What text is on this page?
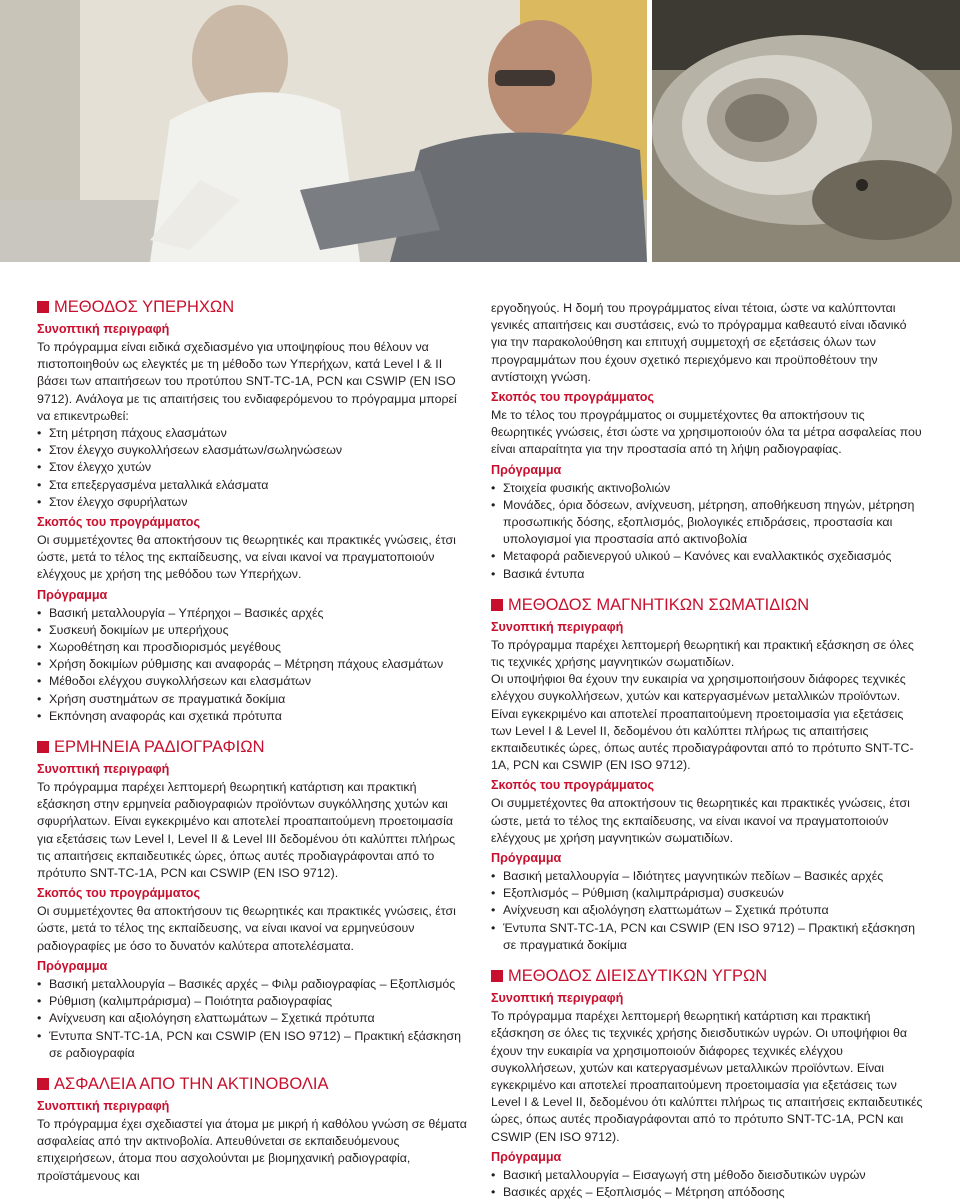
ΜΕΘΟΔΟΣ ΥΠΕΡΗΧΩΝ
Συνοπτική περιγραφή

Το πρόγραμμα είναι ειδικά σχεδιασμένο για υποψηφίους που θέλουν να πιστοποιηθούν ως ελεγκτές με τη μέθοδο των Υπερήχων, κατά Level I & II βάσει των απαιτήσεων του προτύπου SNT-TC-1A, PCN και CSWIP (EN ISO 9712). Ανάλογα με τις απαιτήσεις του ενδιαφερόμενου το πρόγραμμα μπορεί να επικεντρωθεί:

• Στη μέτρηση πάχους ελασμάτων
• Στον έλεγχο συγκολλήσεων ελασμάτων/σωληνώσεων
• Στον έλεγχο χυτών
• Στα επεξεργασμένα μεταλλικά ελάσματα
• Στον έλεγχο σφυρήλατων
Σκοπός του προγράμματος

Οι συμμετέχοντες θα αποκτήσουν τις θεωρητικές και πρακτικές γνώσεις, έτσι ώστε, μετά το τέλος της εκπαίδευσης, να είναι ικανοί να πραγματοποιούν ελέγχους με χρήση της μεθόδου των Υπερήχων.

Πρόγραμμα
• Βασική μεταλλουργία – Υπέρηχοι – Βασικές αρχές
• Συσκευή δοκιμίων με υπερήχους
• Χωροθέτηση και προσδιορισμός μεγέθους
• Χρήση δοκιμίων ρύθμισης και αναφοράς – Μέτρηση πάχους ελασμάτων
• Μέθοδοι ελέγχου συγκολλήσεων και ελασμάτων
• Χρήση συστημάτων σε πραγματικά δοκίμια
• Εκπόνηση αναφοράς και σχετικά πρότυπα
ΕΡΜΗΝΕΙΑ ΡΑΔΙΟΓΡΑΦΙΩΝ
Συνοπτική περιγραφή

Το πρόγραμμα παρέχει λεπτομερή θεωρητική κατάρτιση και πρακτική εξάσκηση στην ερμηνεία ραδιογραφιών προϊόντων συγκόλλησης χυτών και σφυρήλατων. Είναι εγκεκριμένο και αποτελεί προαπαιτούμενη προετοιμασία για εξετάσεις των Level I, Level II & Level III δεδομένου ότι καλύπτει πλήρως τις απαιτήσεις εκπαιδευτικές ώρες, όπως αυτές προδιαγράφονται από το πρότυπο SNT-TC-1A, PCN και CSWIP (EN ISO 9712).

Σκοπός του προγράμματος

Οι συμμετέχοντες θα αποκτήσουν τις θεωρητικές και πρακτικές γνώσεις, έτσι ώστε, μετά το τέλος της εκπαίδευσης, να είναι ικανοί να ερμηνεύσουν ραδιογραφίες με όσο το δυνατόν καλύτερα αποτελέσματα.

Πρόγραμμα
• Βασική μεταλλουργία – Βασικές αρχές – Φιλμ ραδιογραφίας – Εξοπλισμός
• Ρύθμιση (καλιμπράρισμα) – Ποιότητα ραδιογραφίας
• Ανίχνευση και αξιολόγηση ελαττωμάτων – Σχετικά πρότυπα
• Έντυπα SNT-TC-1A, PCN και CSWIP (EN ISO 9712) – Πρακτική εξάσκηση σε ραδιογραφία
ΑΣΦΑΛΕΙΑ ΑΠΟ ΤΗΝ ΑΚΤΙΝΟΒΟΛΙΑ
Συνοπτική περιγραφή

Το πρόγραμμα έχει σχεδιαστεί για άτομα με μικρή ή καθόλου γνώση σε θέματα ασφαλείας από την ακτινοβολία. Απευθύνεται σε εκπαιδευόμενους επιχειρήσεων, άτομα που ασχολούνται με βιομηχανική ραδιογραφία, προϊστάμενους και

εργοδηγούς. Η δομή του προγράμματος είναι τέτοια, ώστε να καλύπτονται γενικές απαιτήσεις και συστάσεις, ενώ το πρόγραμμα καθεαυτό είναι ιδανικό για την παρακολούθηση και επιτυχή συμμετοχή σε εξετάσεις όλων των προγραμμάτων που έχουν σχετικό περιεχόμενο και προϋποθέτουν την αντίστοιχη γνώση.

Σκοπός του προγράμματος

Με το τέλος του προγράμματος οι συμμετέχοντες θα αποκτήσουν τις θεωρητικές γνώσεις, έτσι ώστε να χρησιμοποιούν όλα τα μέτρα ασφαλείας που είναι απαραίτητα για την προστασία από τη λήψη ραδιογραφίας.

Πρόγραμμα
• Στοιχεία φυσικής ακτινοβολιών
• Μονάδες, όρια δόσεων, ανίχνευση, μέτρηση, αποθήκευση πηγών, μέτρηση προσωπικής δόσης, εξοπλισμός, βιολογικές επιδράσεις, προστασία και υπολογισμοί για προστασία από ακτινοβολία
• Μεταφορά ραδιενεργού υλικού – Κανόνες και εναλλακτικός σχεδιασμός
• Βασικά έντυπα
ΜΕΘΟΔΟΣ ΜΑΓΝΗΤΙΚΩΝ ΣΩΜΑΤΙΔΙΩΝ
Συνοπτική περιγραφή

Το πρόγραμμα παρέχει λεπτομερή θεωρητική και πρακτική εξάσκηση σε όλες τις τεχνικές χρήσης μαγνητικών σωματιδίων.

Οι υποψήφιοι θα έχουν την ευκαιρία να χρησιμοποιήσουν διάφορες τεχνικές ελέγχου συγκολλήσεων, χυτών και κατεργασμένων μεταλλικών προϊόντων.

Είναι εγκεκριμένο και αποτελεί προαπαιτούμενη προετοιμασία για εξετάσεις των Level I & Level II, δεδομένου ότι καλύπτει πλήρως τις απαιτήσεις εκπαιδευτικές ώρες, όπως αυτές προδιαγράφονται από το πρότυπο SNT-TC-1A, PCN και CSWIP (EN ISO 9712).

Σκοπός του προγράμματος

Οι συμμετέχοντες θα αποκτήσουν τις θεωρητικές και πρακτικές γνώσεις, έτσι ώστε, μετά το τέλος της εκπαίδευσης, να είναι ικανοί να πραγματοποιούν ελέγχους με χρήση μαγνητικών σωματιδίων.

Πρόγραμμα
• Βασική μεταλλουργία – Ιδιότητες μαγνητικών πεδίων – Βασικές αρχές
• Εξοπλισμός – Ρύθμιση (καλιμπράρισμα) συσκευών
• Ανίχνευση και αξιολόγηση ελαττωμάτων – Σχετικά πρότυπα
• Έντυπα SNT-TC-1A, PCN και CSWIP (EN ISO 9712) – Πρακτική εξάσκηση σε πραγματικά δοκίμια
ΜΕΘΟΔΟΣ ΔΙΕΙΣΔΥΤΙΚΩΝ ΥΓΡΩΝ
Συνοπτική περιγραφή

Το πρόγραμμα παρέχει λεπτομερή θεωρητική κατάρτιση και πρακτική εξάσκηση σε όλες τις τεχνικές χρήσης διεισδυτικών υγρών. Οι υποψήφιοι θα έχουν την ευκαιρία να χρησιμοποιούν διάφορες τεχνικές ελέγχου συγκολλήσεων, χυτών και κατεργασμένων μεταλλικών προϊόντων. Είναι εγκεκριμένο και αποτελεί προαπαιτούμενη προετοιμασία για εξετάσεις των Level I & Level II, δεδομένου ότι καλύπτει πλήρως τις απαιτήσεις εκπαιδευτικές ώρες, όπως αυτές προδιαγράφονται από το πρότυπο SNT-TC-1A, PCN και CSWIP (EN ISO 9712).

Πρόγραμμα
• Βασική μεταλλουργία – Εισαγωγή στη μέθοδο διεισδυτικών υγρών
• Βασικές αρχές – Εξοπλισμός – Μέτρηση απόδοσης
